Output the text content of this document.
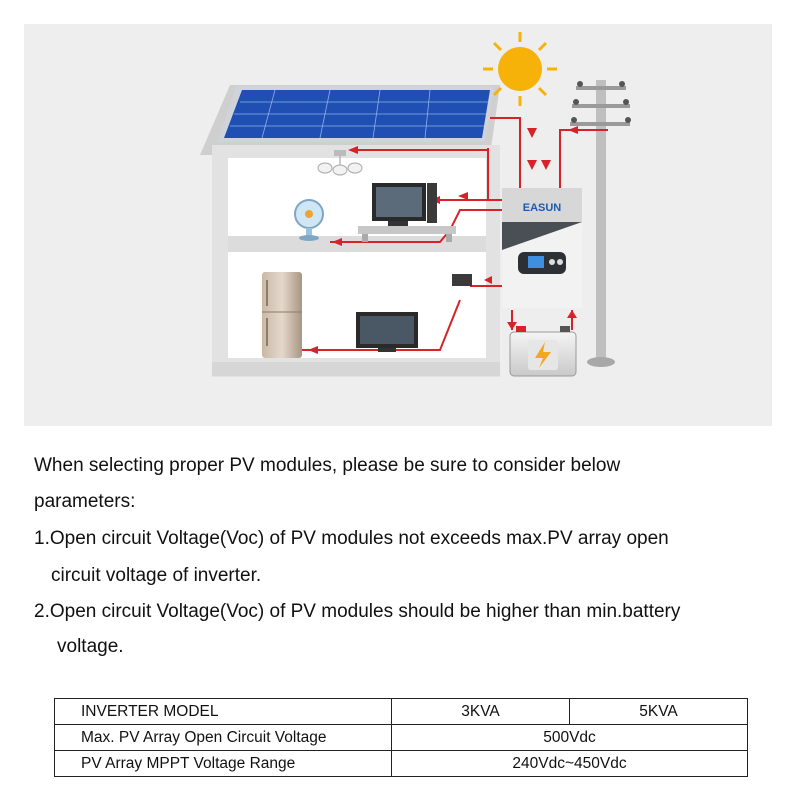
EASUN
When selecting proper PV modules, please be sure to consider below
parameters:
1.Open circuit Voltage(Voc) of PV modules not exceeds max.PV array open
circuit voltage of inverter.
2.Open circuit Voltage(Voc) of PV modules should be higher than min.battery
voltage.
INVERTER MODEL	3KVA	5KVA
Max. PV Array Open Circuit Voltage	500Vdc	
PV Array MPPT Voltage Range	240Vdc~450Vdc	
